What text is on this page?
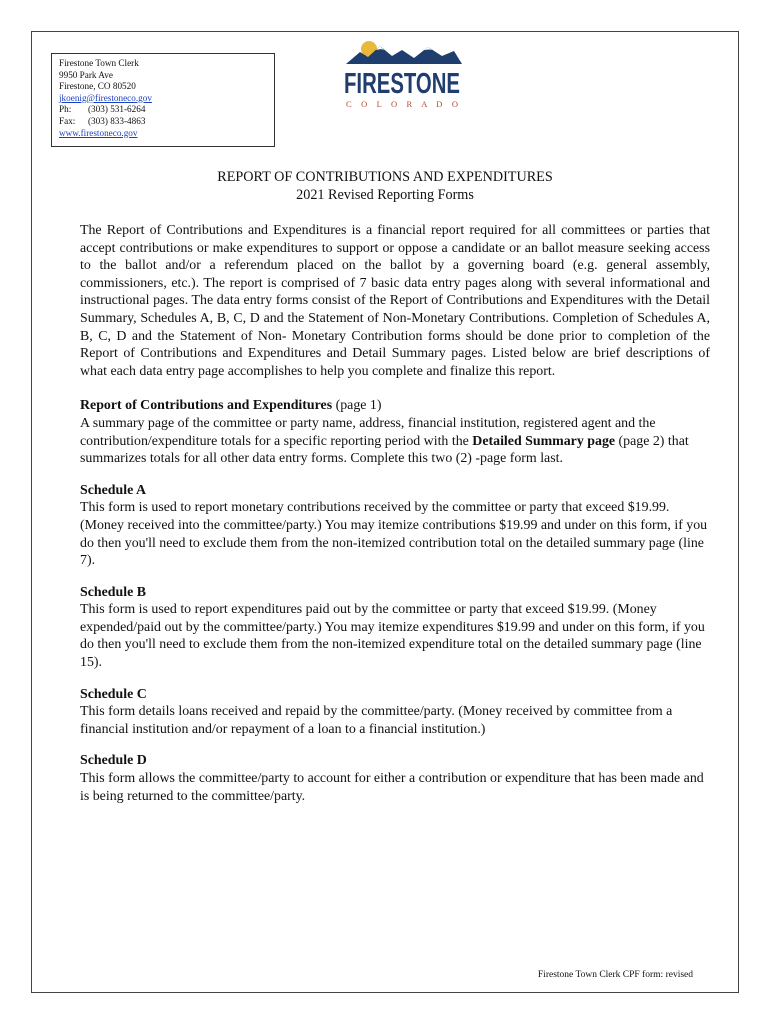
Firestone Town Clerk
9950 Park Ave
Firestone, CO 80520
jkoenig@firestoneco.gov
Ph: (303) 531-6264
Fax: (303) 833-4863
www.firestoneco.gov
FIRESTONE
C O L O R A D O
REPORT OF CONTRIBUTIONS AND EXPENDITURES
2021 Revised Reporting Forms

The Report of Contributions and Expenditures is a financial report required for all committees or parties that accept contributions or make expenditures to support or oppose a candidate or an ballot measure seeking access to the ballot and/or a referendum placed on the ballot by a governing board (e.g. general assembly, commissioners, etc.). The report is comprised of 7 basic data entry pages along with several informational and instructional pages. The data entry forms consist of the Report of Contributions and Expenditures with the Detail Summary, Schedules A, B, C, D and the Statement of Non-Monetary Contributions. Completion of Schedules A, B, C, D and the Statement of Non- Monetary Contribution forms should be done prior to completion of the Report of Contributions and Expenditures and Detail Summary pages. Listed below are brief descriptions of what each data entry page accomplishes to help you complete and finalize this report.

Report of Contributions and Expenditures (page 1)

A summary page of the committee or party name, address, financial institution, registered agent and the contribution/expenditure totals for a specific reporting period with the Detailed Summary page (page 2) that summarizes totals for all other data entry forms. Complete this two (2) -page form last.

Schedule A

This form is used to report monetary contributions received by the committee or party that exceed $19.99. (Money received into the committee/party.) You may itemize contributions $19.99 and under on this form, if you do then you'll need to exclude them from the non-itemized contribution total on the detailed summary page (line 7).

Schedule B

This form is used to report expenditures paid out by the committee or party that exceed $19.99. (Money expended/paid out by the committee/party.) You may itemize expenditures $19.99 and under on this form, if you do then you'll need to exclude them from the non-itemized expenditure total on the detailed summary page (line 15).

Schedule C

This form details loans received and repaid by the committee/party. (Money received by committee from a financial institution and/or repayment of a loan to a financial institution.)

Schedule D

This form allows the committee/party to account for either a contribution or expenditure that has been made and is being returned to the committee/party.

Firestone Town Clerk CPF form: revised
